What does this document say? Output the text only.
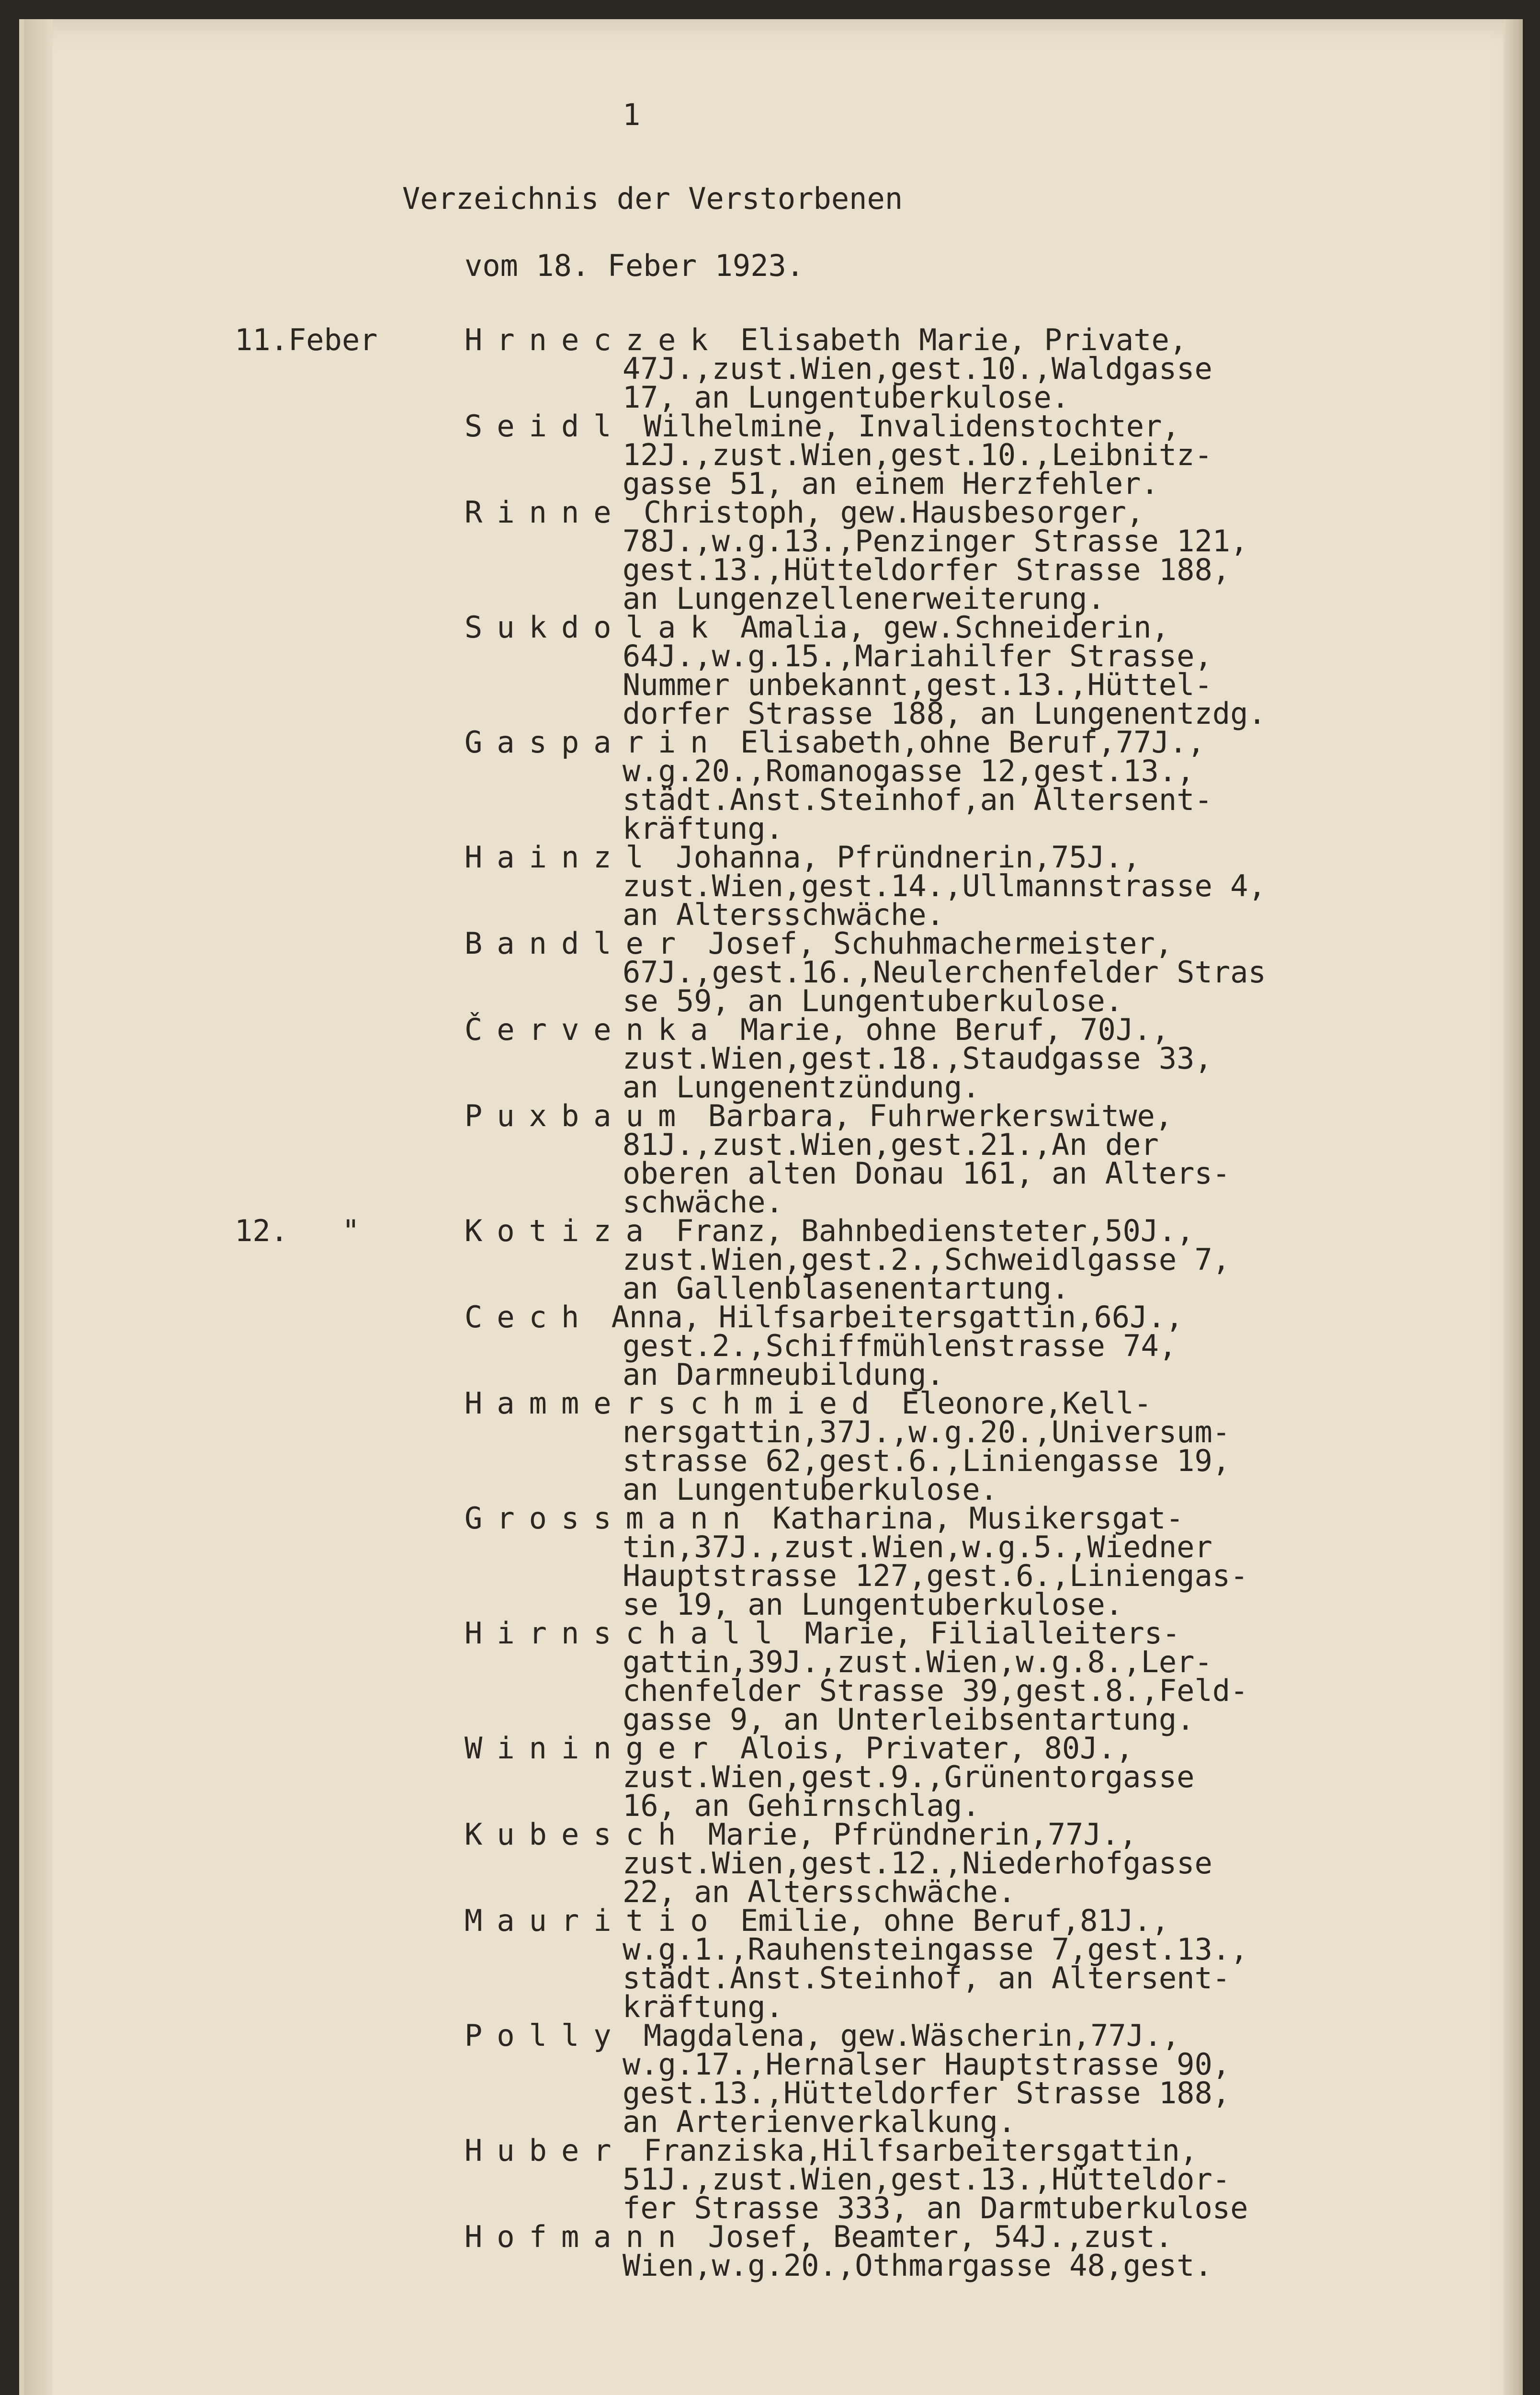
1
Verzeichnis der Verstorbenen
vom 18. Feber 1923.
11.Feber	Hrneczek Elisabeth Marie, Private,
47J.,zust.Wien,gest.10.,Waldgasse
17, an Lungentuberkulose.
Seidl Wilhelmine, Invalidenstochter,
12J.,zust.Wien,gest.10.,Leibnitz-
gasse 51, an einem Herzfehler.
Rinne Christoph, gew.Hausbesorger,
78J.,w.g.13.,Penzinger Strasse 121,
gest.13.,Hütteldorfer Strasse 188,
an Lungenzellenerweiterung.
Sukdolak Amalia, gew.Schneiderin,
64J.,w.g.15.,Mariahilfer Strasse,
Nummer unbekannt,gest.13.,Hüttel-
dorfer Strasse 188, an Lungenentzdg.
Gasparin Elisabeth,ohne Beruf,77J.,
w.g.20.,Romanogasse 12,gest.13.,
städt.Anst.Steinhof,an Altersent-
kräftung.
Hainzl Johanna, Pfründnerin,75J.,
zust.Wien,gest.14.,Ullmannstrasse 4,
an Altersschwäche.
Bandler Josef, Schuhmachermeister,
67J.,gest.16.,Neulerchenfelder Stras
se 59, an Lungentuberkulose.
Červenka Marie, ohne Beruf, 70J.,
zust.Wien,gest.18.,Staudgasse 33,
an Lungenentzündung.
Puxbaum Barbara, Fuhrwerkerswitwe,
81J.,zust.Wien,gest.21.,An der
oberen alten Donau 161, an Alters-
schwäche.
12.   "	Kotiza Franz, Bahnbediensteter,50J.,
zust.Wien,gest.2.,Schweidlgasse 7,
an Gallenblasenentartung.
Cech Anna, Hilfsarbeitersgattin,66J.,
gest.2.,Schiffmühlenstrasse 74,
an Darmneubildung.
Hammerschmied Eleonore,Kell-
nersgattin,37J.,w.g.20.,Universum-
strasse 62,gest.6.,Liniengasse 19,
an Lungentuberkulose.
Grossmann Katharina, Musikersgat-
tin,37J.,zust.Wien,w.g.5.,Wiedner
Hauptstrasse 127,gest.6.,Liniengas-
se 19, an Lungentuberkulose.
Hirnschall Marie, Filialleiters-
gattin,39J.,zust.Wien,w.g.8.,Ler-
chenfelder Strasse 39,gest.8.,Feld-
gasse 9, an Unterleibsentartung.
Wininger Alois, Privater, 80J.,
zust.Wien,gest.9.,Grünentorgasse
16, an Gehirnschlag.
Kubesch Marie, Pfründnerin,77J.,
zust.Wien,gest.12.,Niederhofgasse
22, an Altersschwäche.
Mauritio Emilie, ohne Beruf,81J.,
w.g.1.,Rauhensteingasse 7,gest.13.,
städt.Anst.Steinhof, an Altersent-
kräftung.
Polly Magdalena, gew.Wäscherin,77J.,
w.g.17.,Hernalser Hauptstrasse 90,
gest.13.,Hütteldorfer Strasse 188,
an Arterienverkalkung.
Huber Franziska,Hilfsarbeitersgattin,
51J.,zust.Wien,gest.13.,Hütteldor-
fer Strasse 333, an Darmtuberkulose
Hofmann Josef, Beamter, 54J.,zust.
Wien,w.g.20.,Othmargasse 48,gest.
